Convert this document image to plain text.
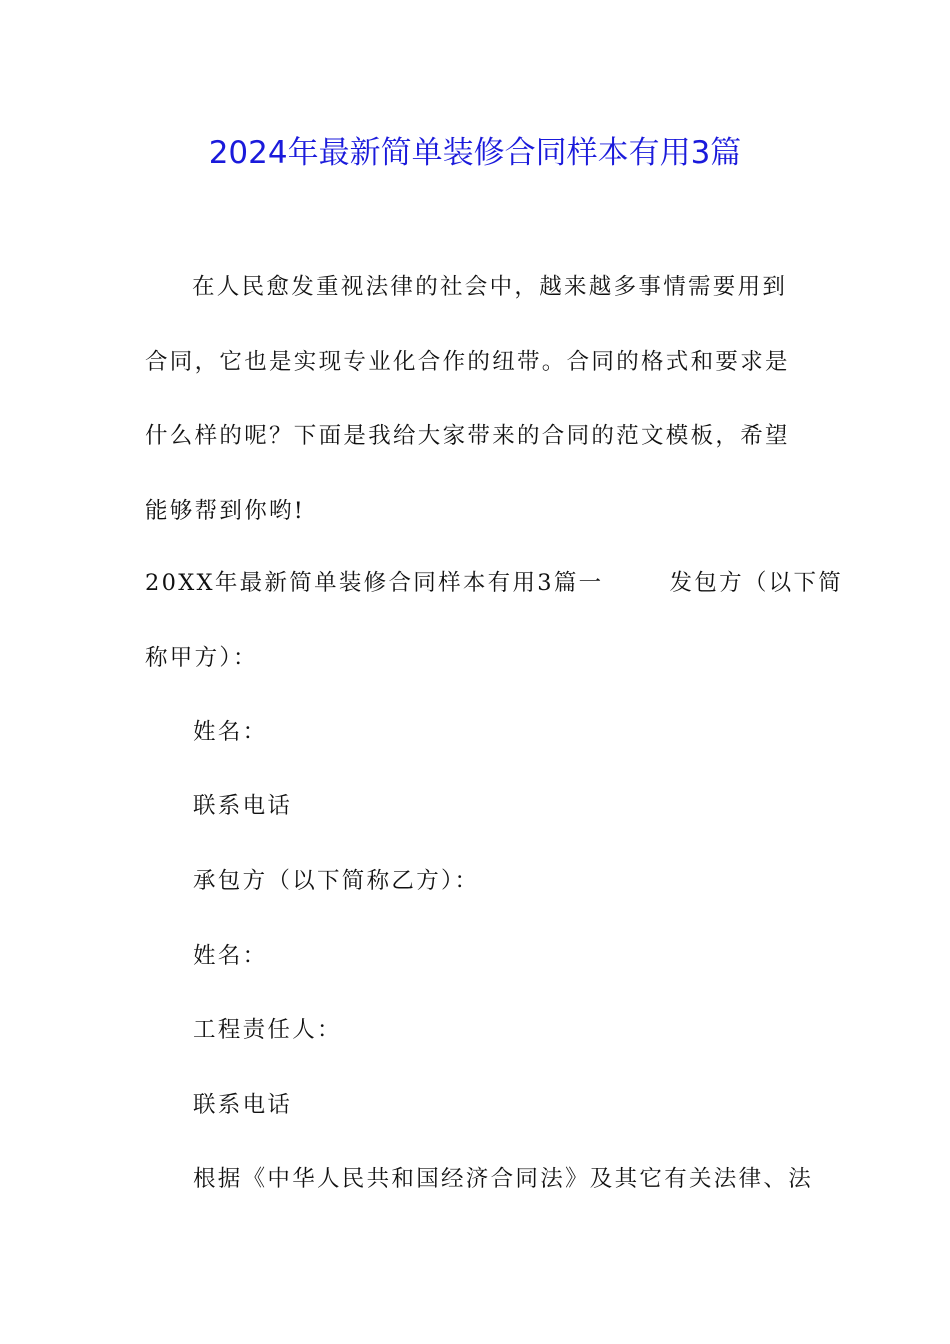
2024年最新简单装修合同样本有用3篇

在人民愈发重视法律的社会中，越来越多事情需要用到合同，它也是实现专业化合作的纽带。合同的格式和要求是什么样的呢？下面是我给大家带来的合同的范文模板，希望能够帮到你哟!

20XX年最新简单装修合同样本有用3篇一	发包方（以下简
称甲方）：
姓名：
联系电话
承包方（以下简称乙方）：
姓名：
工程责任人：
联系电话
根据《中华人民共和国经济合同法》及其它有关法律、法
